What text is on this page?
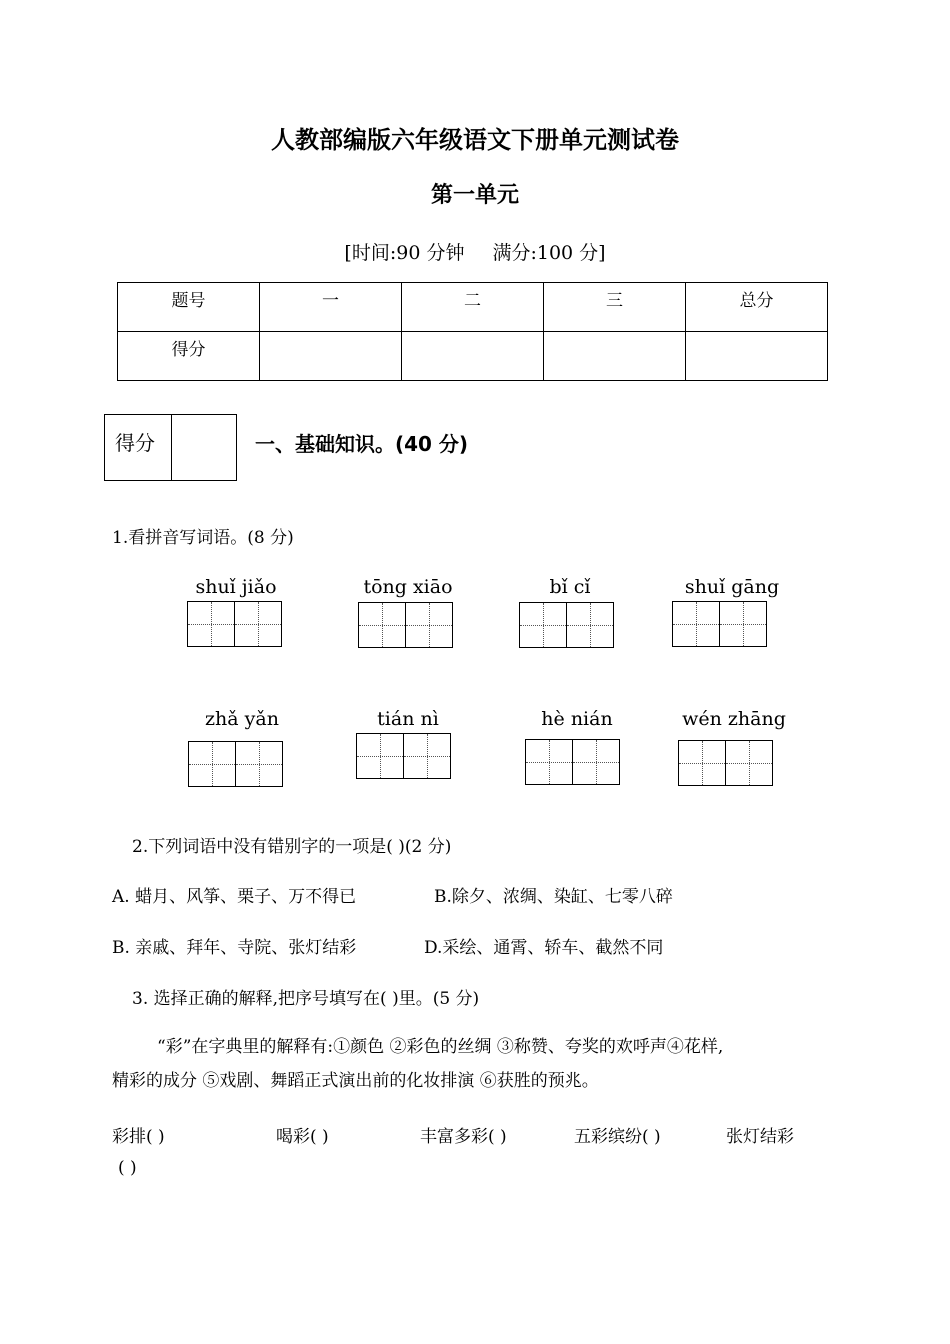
人教部编版六年级语文下册单元测试卷
第一单元
[时间:90 分钟 满分:100 分]
题号	一	二	三	总分
得分				
得分	一、基础知识。(40 分)
1.看拼音写词语。(8 分)
shuǐ jiǎo	tōng xiāo	bǐ cǐ	shuǐ gāng
zhǎ yǎn	tián nì	hè nián	wén zhāng
2.下列词语中没有错别字的一项是( )(2 分)
A. 蜡月、风筝、栗子、万不得已	B.除夕、浓绸、染缸、七零八碎
B. 亲戚、拜年、寺院、张灯结彩	D.采绘、通霄、轿车、截然不同
3. 选择正确的解释,把序号填写在( )里。(5 分)
“彩”在字典里的解释有:①颜色 ②彩色的丝绸 ③称赞、夸奖的欢呼声④花样,
精彩的成分 ⑤戏剧、舞蹈正式演出前的化妆排演 ⑥获胜的预兆。
彩排( )	喝彩( )	丰富多彩( )	五彩缤纷( )	张灯结彩
( )
